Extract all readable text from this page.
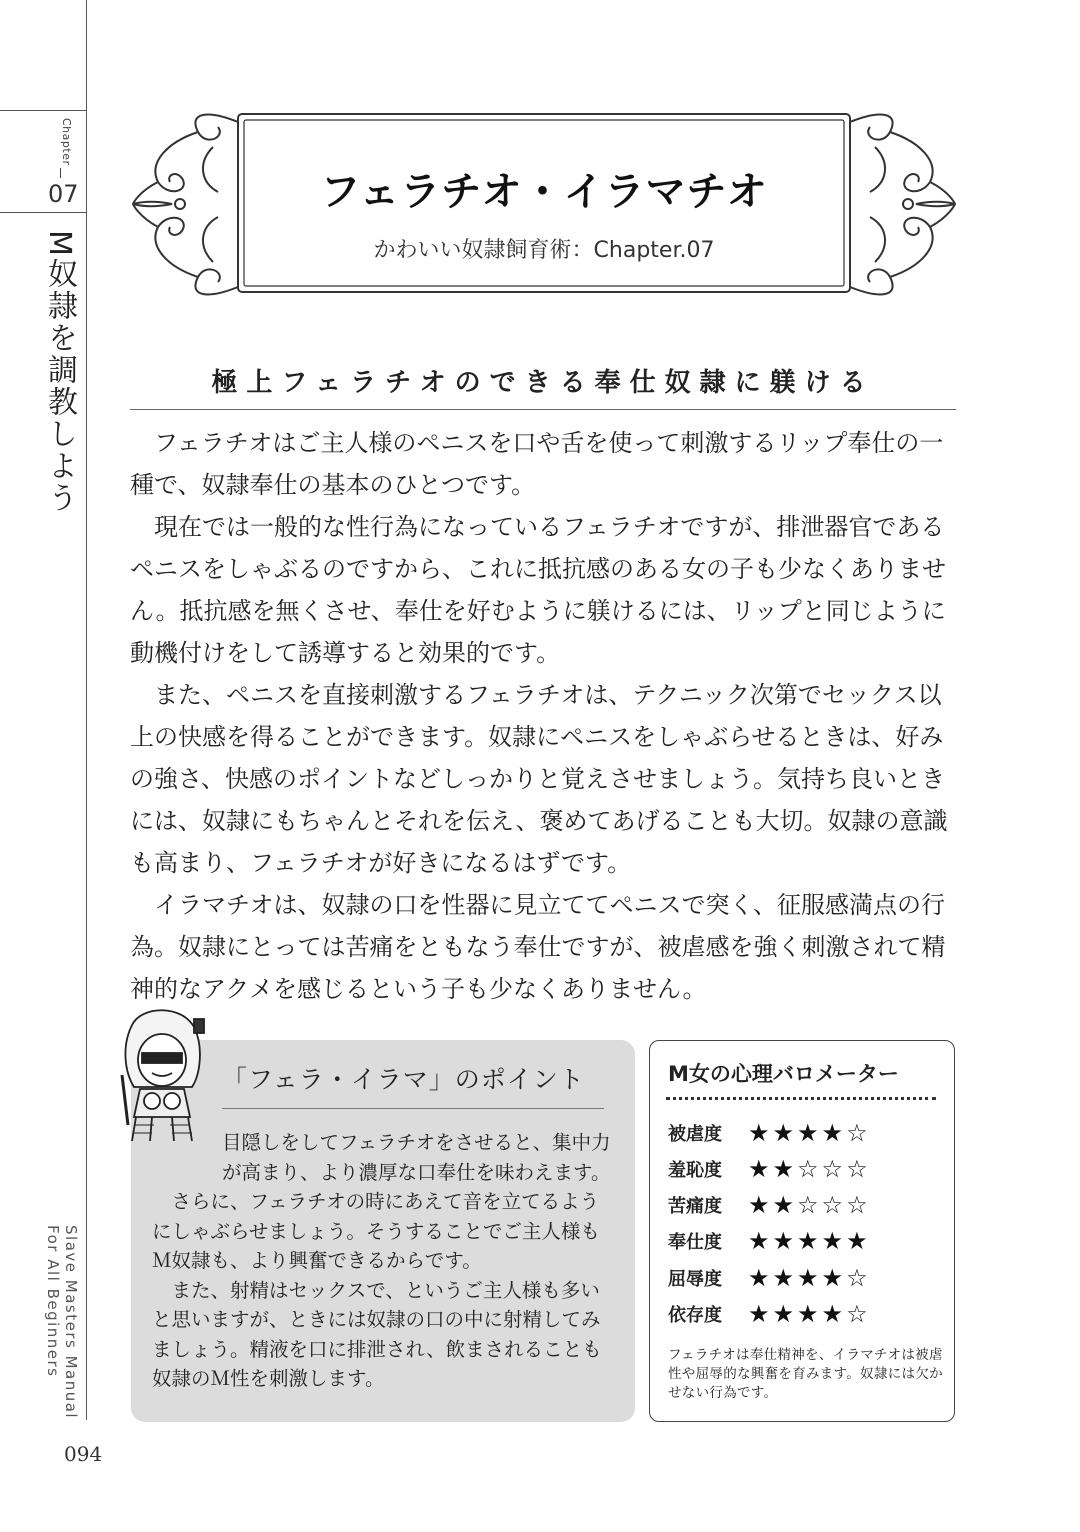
Chapter
07
M奴隷を調教しよう
Slave Masters Manual
For All Beginners
094
フェラチオ・イラマチオ
かわいい奴隷飼育術：Chapter.07
極上フェラチオのできる奉仕奴隷に躾ける

フェラチオはご主人様のペニスを口や舌を使って刺激するリップ奉仕の一種で、奴隷奉仕の基本のひとつです。

現在では一般的な性行為になっているフェラチオですが、排泄器官であるペニスをしゃぶるのですから、これに抵抗感のある女の子も少なくありません。抵抗感を無くさせ、奉仕を好むように躾けるには、リップと同じように動機付けをして誘導すると効果的です。

また、ペニスを直接刺激するフェラチオは、テクニック次第でセックス以上の快感を得ることができます。奴隷にペニスをしゃぶらせるときは、好みの強さ、快感のポイントなどしっかりと覚えさせましょう。気持ち良いときには、奴隷にもちゃんとそれを伝え、褒めてあげることも大切。奴隷の意識も高まり、フェラチオが好きになるはずです。

イラマチオは、奴隷の口を性器に見立ててペニスで突く、征服感満点の行為。奴隷にとっては苦痛をともなう奉仕ですが、被虐感を強く刺激されて精神的なアクメを感じるという子も少なくありません。

「フェラ・イラマ」のポイント

目隠しをしてフェラチオをさせると、集中力が高まり、より濃厚な口奉仕を味わえます。

　さらに、フェラチオの時にあえて音を立てるようにしゃぶらせましょう。そうすることでご主人様もＭ奴隷も、より興奮できるからです。

　また、射精はセックスで、というご主人様も多いと思いますが、ときには奴隷の口の中に射精してみましょう。精液を口に排泄され、飲まされることも奴隷のＭ性を刺激します。

M女の心理バロメーター
被虐度	★★★★☆
羞恥度	★★☆☆☆
苦痛度	★★☆☆☆
奉仕度	★★★★★
屈辱度	★★★★☆
依存度	★★★★☆
フェラチオは奉仕精神を、イラマチオは被虐性や屈辱的な興奮を育みます。奴隷には欠かせない行為です。
